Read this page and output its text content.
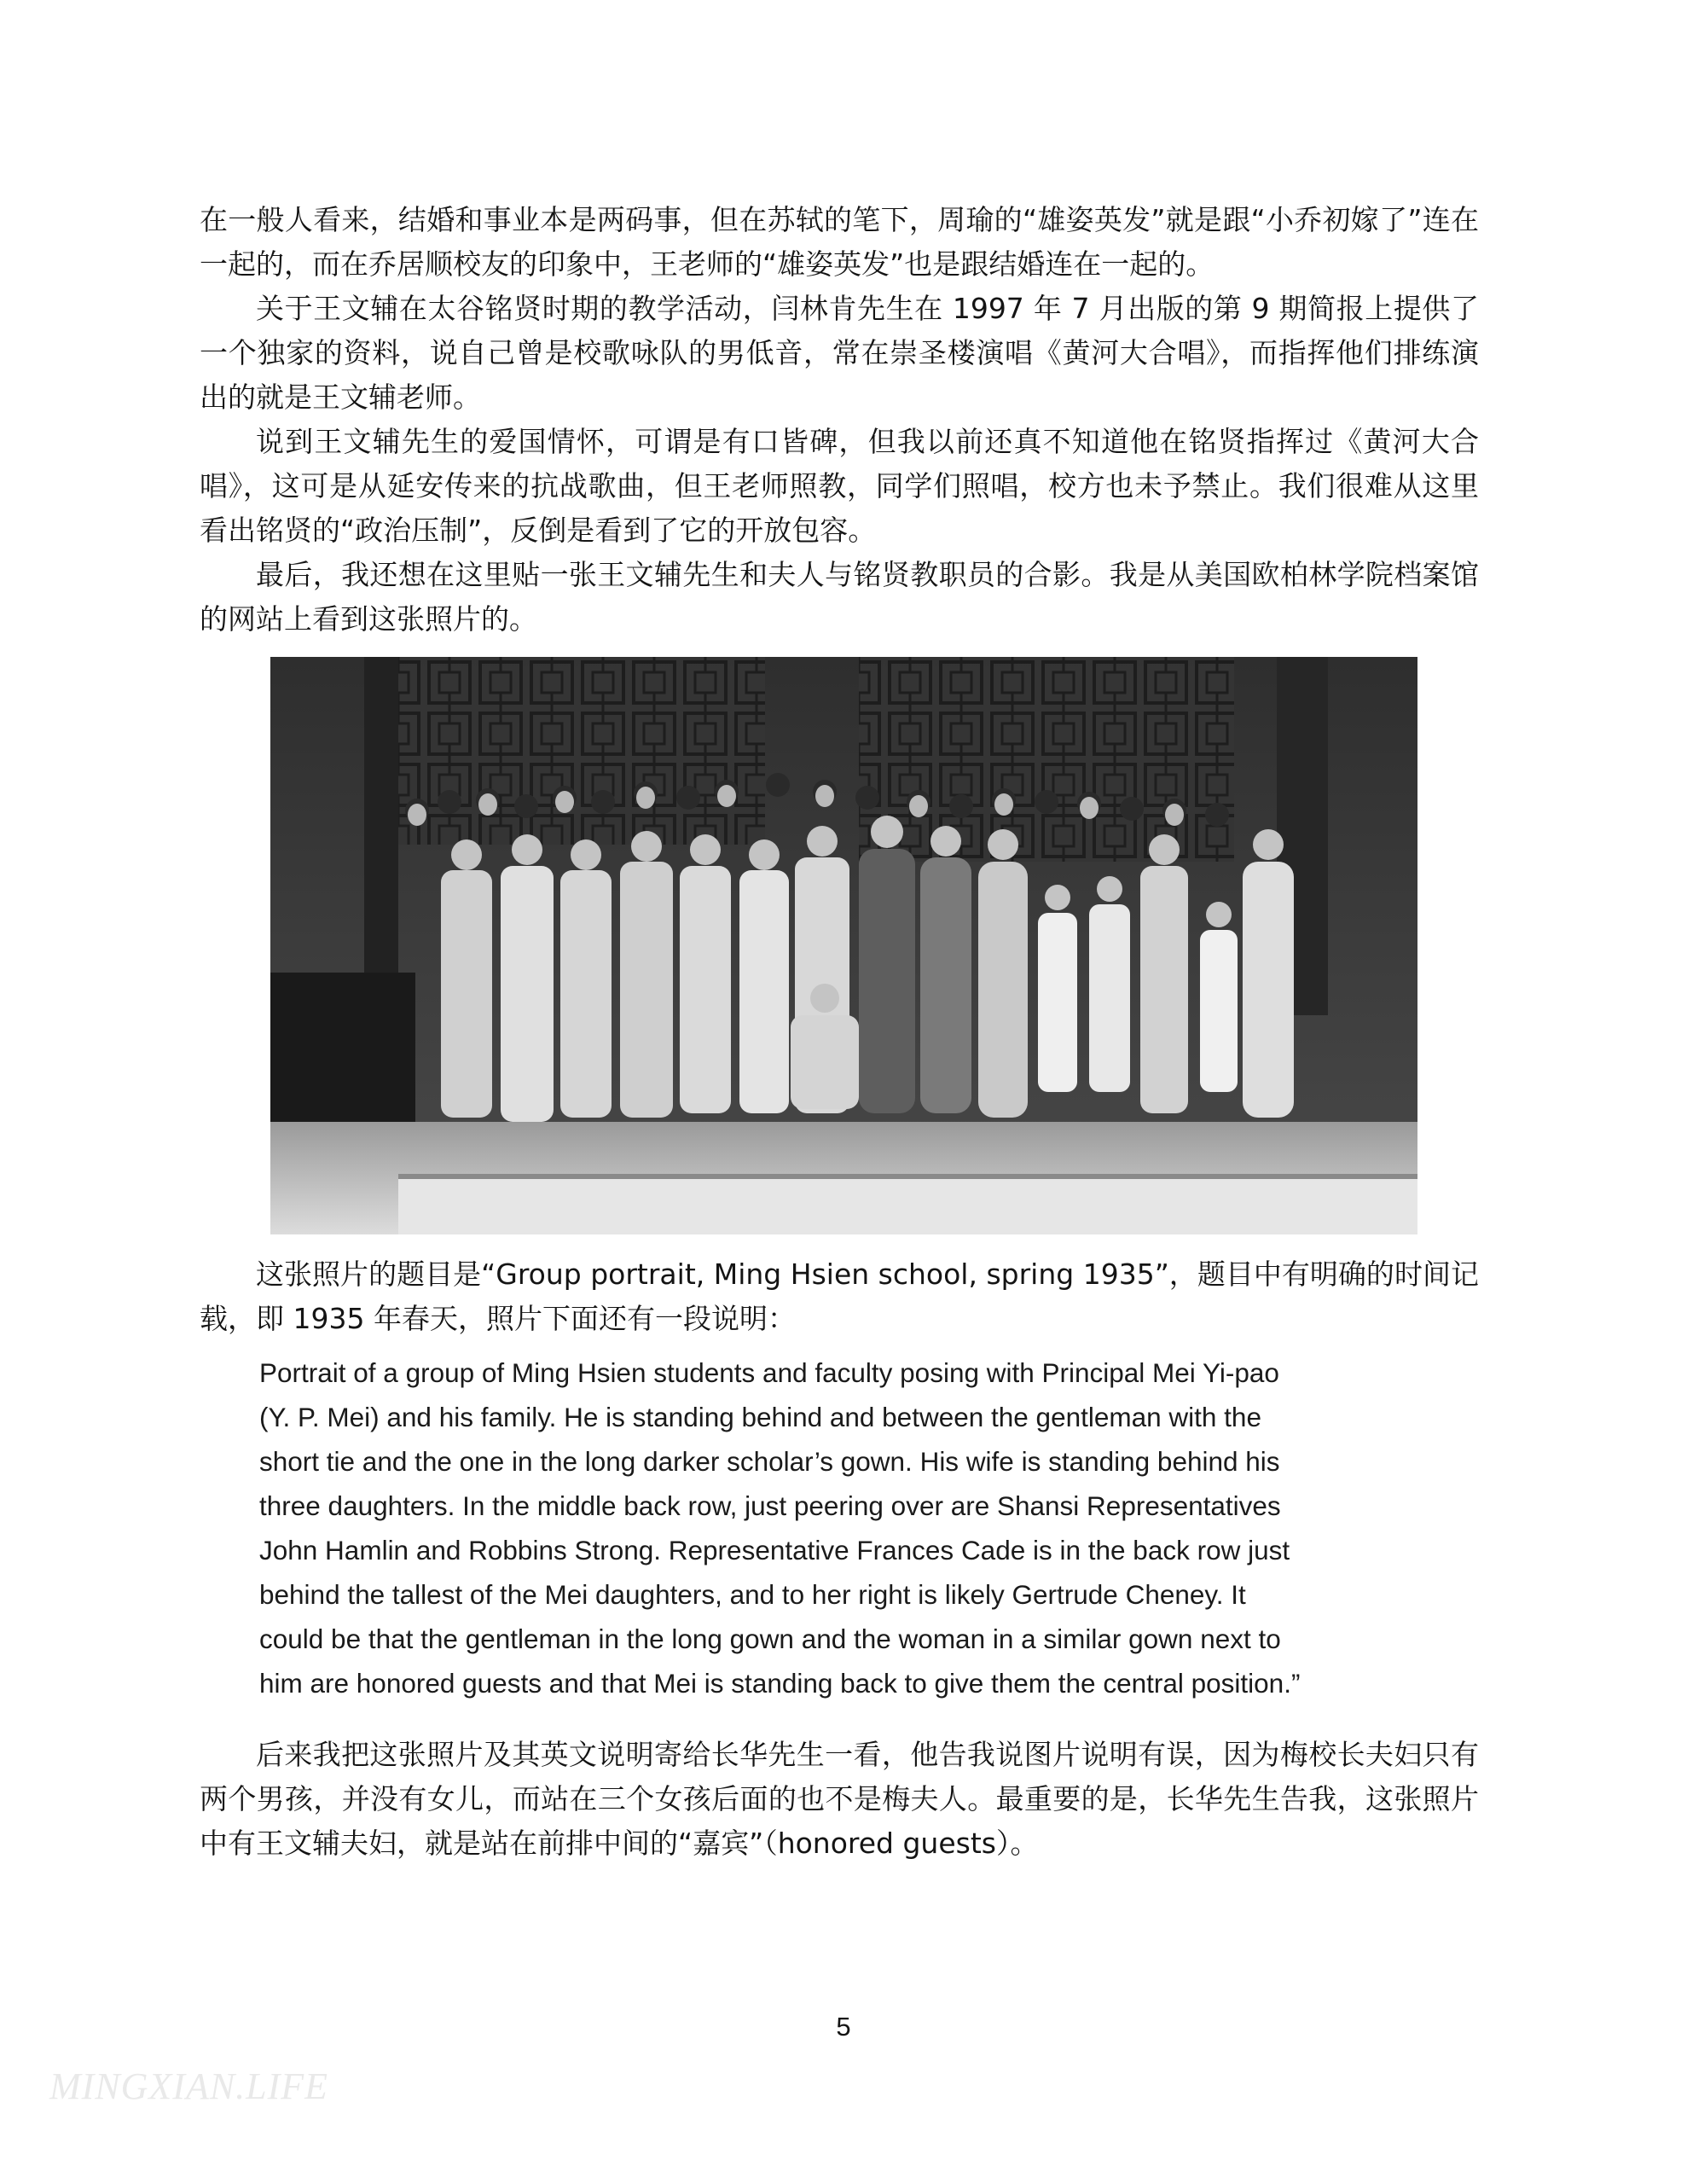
在一般人看来，结婚和事业本是两码事，但在苏轼的笔下，周瑜的“雄姿英发”就是跟“小乔初嫁了”连在一起的，而在乔居顺校友的印象中，王老师的“雄姿英发”也是跟结婚连在一起的。

关于王文辅在太谷铭贤时期的教学活动，闫林肯先生在 1997 年 7 月出版的第 9 期简报上提供了一个独家的资料，说自己曾是校歌咏队的男低音，常在崇圣楼演唱《黄河大合唱》，而指挥他们排练演出的就是王文辅老师。

说到王文辅先生的爱国情怀，可谓是有口皆碑，但我以前还真不知道他在铭贤指挥过《黄河大合唱》，这可是从延安传来的抗战歌曲，但王老师照教，同学们照唱，校方也未予禁止。我们很难从这里看出铭贤的“政治压制”，反倒是看到了它的开放包容。

最后，我还想在这里贴一张王文辅先生和夫人与铭贤教职员的合影。我是从美国欧柏林学院档案馆的网站上看到这张照片的。

这张照片的题目是“Group portrait, Ming Hsien school, spring 1935”，题目中有明确的时间记载，即 1935 年春天，照片下面还有一段说明：

Portrait of a group of Ming Hsien students and faculty posing with Principal Mei Yi-pao

(Y. P. Mei) and his family. He is standing behind and between the gentleman with the

short tie and the one in the long darker scholar’s gown. His wife is standing behind his

three daughters. In the middle back row, just peering over are Shansi Representatives

John Hamlin and Robbins Strong. Representative Frances Cade is in the back row just

behind the tallest of the Mei daughters, and to her right is likely Gertrude Cheney. It

could be that the gentleman in the long gown and the woman in a similar gown next to

him are honored guests and that Mei is standing back to give them the central position.”

后来我把这张照片及其英文说明寄给长华先生一看，他告我说图片说明有误，因为梅校长夫妇只有两个男孩，并没有女儿，而站在三个女孩后面的也不是梅夫人。最重要的是，长华先生告我，这张照片中有王文辅夫妇，就是站在前排中间的“嘉宾”（honored guests）。

5

MINGXIAN.LIFE
